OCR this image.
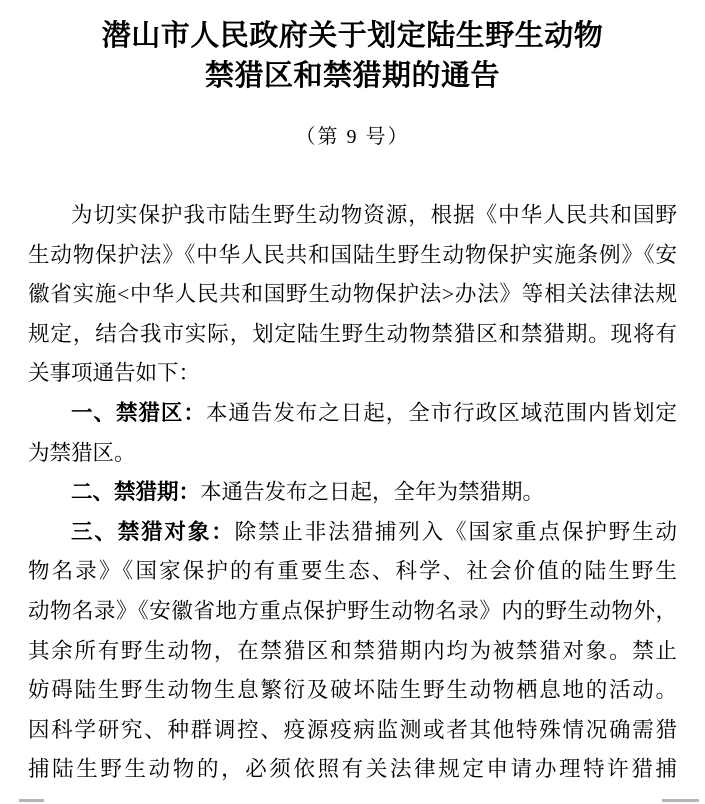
潜山市人民政府关于划定陆生野生动物
禁猎区和禁猎期的通告
（第 9 号）
为切实保护我市陆生野生动物资源，根据《中华人民共和国野
生动物保护法》《中华人民共和国陆生野生动物保护实施条例》《安
徽省实施<中华人民共和国野生动物保护法>办法》等相关法律法规
规定，结合我市实际，划定陆生野生动物禁猎区和禁猎期。现将有
关事项通告如下：
一、禁猎区：本通告发布之日起，全市行政区域范围内皆划定
为禁猎区。
二、禁猎期：本通告发布之日起，全年为禁猎期。
三、禁猎对象：除禁止非法猎捕列入《国家重点保护野生动
物名录》《国家保护的有重要生态、科学、社会价值的陆生野生
动物名录》《安徽省地方重点保护野生动物名录》内的野生动物外，
其余所有野生动物，在禁猎区和禁猎期内均为被禁猎对象。禁止
妨碍陆生野生动物生息繁衍及破坏陆生野生动物栖息地的活动。
因科学研究、种群调控、疫源疫病监测或者其他特殊情况确需猎
捕陆生野生动物的，必须依照有关法律规定申请办理特许猎捕
